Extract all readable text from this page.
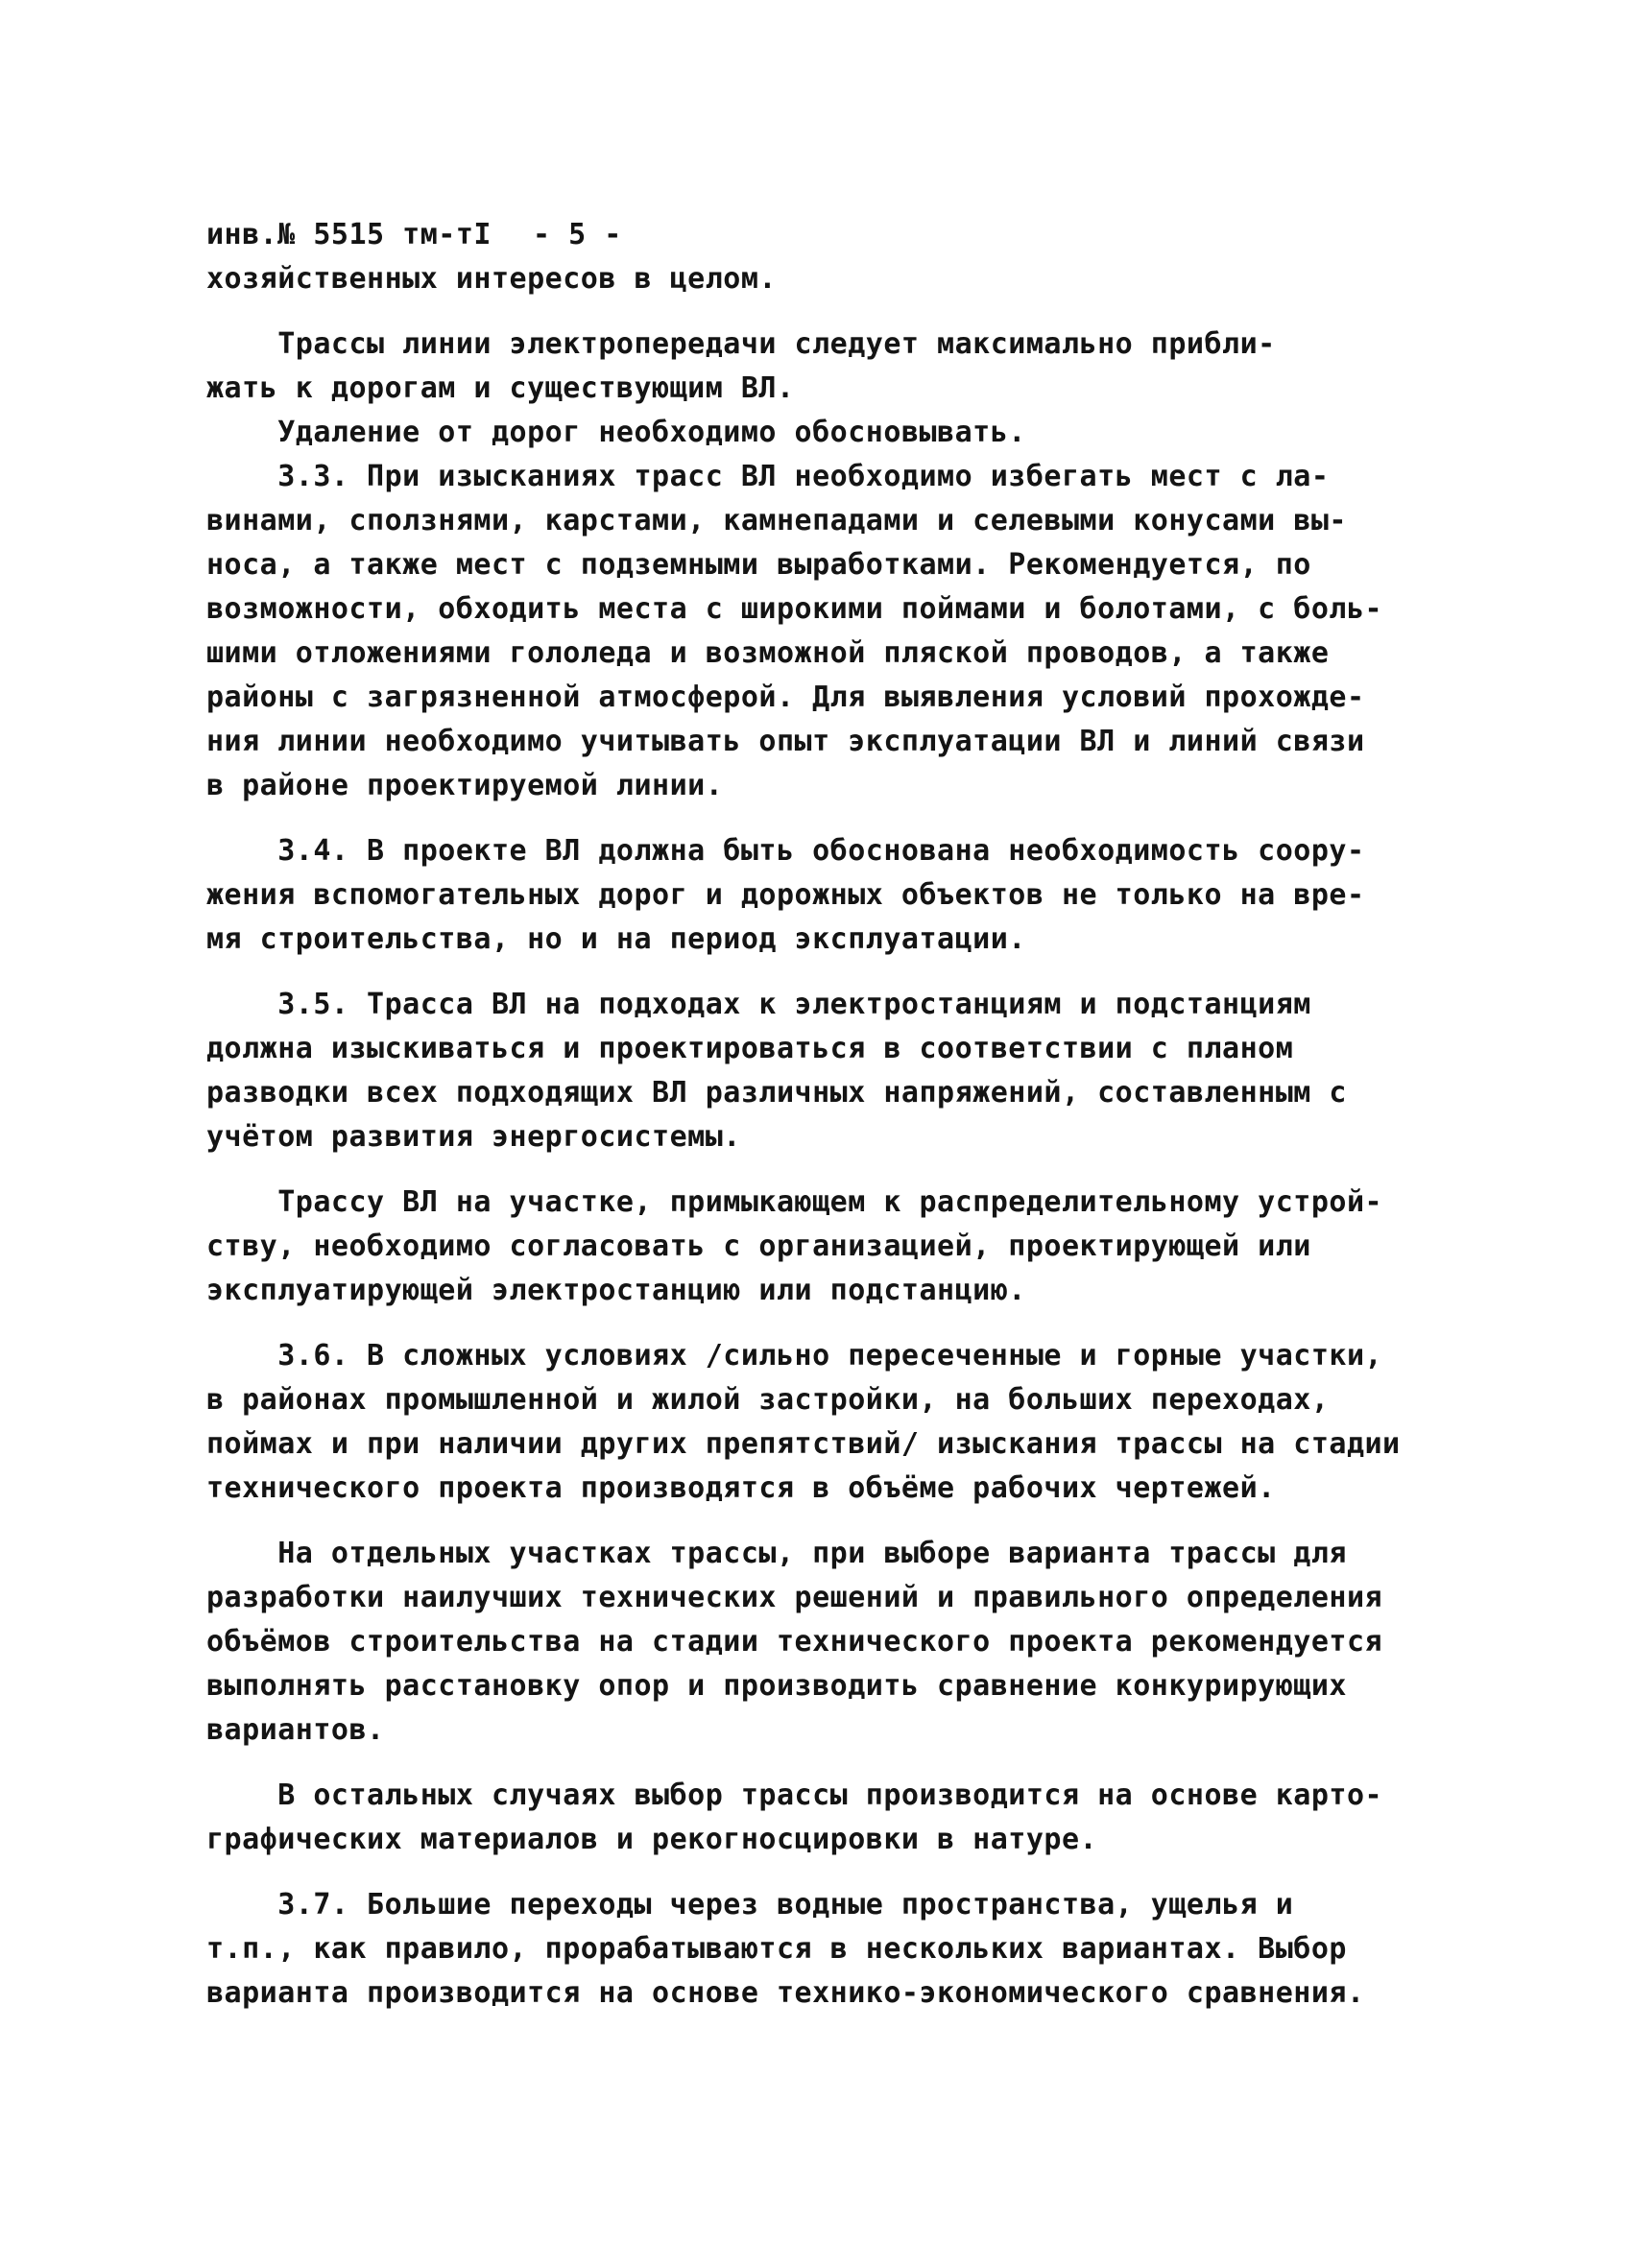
инв.№ 5515 тм-тI	- 5 -
хозяйственных интересов в целом.
Трассы линии электропередачи следует максимально прибли-
жать к дорогам и существующим ВЛ.
Удаление от дорог необходимо обосновывать.
3.3. При изысканиях трасс ВЛ необходимо избегать мест с ла-
винами, сползнями, карстами, камнепадами и селевыми конусами вы-
носа, а также мест с подземными выработками. Рекомендуется, по
возможности, обходить места с широкими поймами и болотами, с боль-
шими отложениями гололеда и возможной пляской проводов, а также
районы с загрязненной атмосферой. Для выявления условий прохожде-
ния линии необходимо учитывать опыт эксплуатации ВЛ и линий связи
в районе проектируемой линии.
3.4. В проекте ВЛ должна быть обоснована необходимость соору-
жения вспомогательных дорог и дорожных объектов не только на вре-
мя строительства, но и на период эксплуатации.
3.5. Трасса ВЛ на подходах к электростанциям и подстанциям
должна изыскиваться и проектироваться в соответствии с планом
разводки всех подходящих ВЛ различных напряжений, составленным с
учётом развития энергосистемы.
Трассу ВЛ на участке, примыкающем к распределительному устрой-
ству, необходимо согласовать с организацией, проектирующей или
эксплуатирующей электростанцию или подстанцию.
3.6. В сложных условиях /сильно пересеченные и горные участки,
в районах промышленной и жилой застройки, на больших переходах,
поймах и при наличии других препятствий/ изыскания трассы на стадии
технического проекта производятся в объёме рабочих чертежей.
На отдельных участках трассы, при выборе варианта трассы для
разработки наилучших технических решений и правильного определения
объёмов строительства на стадии технического проекта рекомендуется
выполнять расстановку опор и производить сравнение конкурирующих
вариантов.
В остальных случаях выбор трассы производится на основе карто-
графических материалов и рекогносцировки в натуре.
3.7. Большие переходы через водные пространства, ущелья и
т.п., как правило, прорабатываются в нескольких вариантах. Выбор
варианта производится на основе технико-экономического сравнения.
